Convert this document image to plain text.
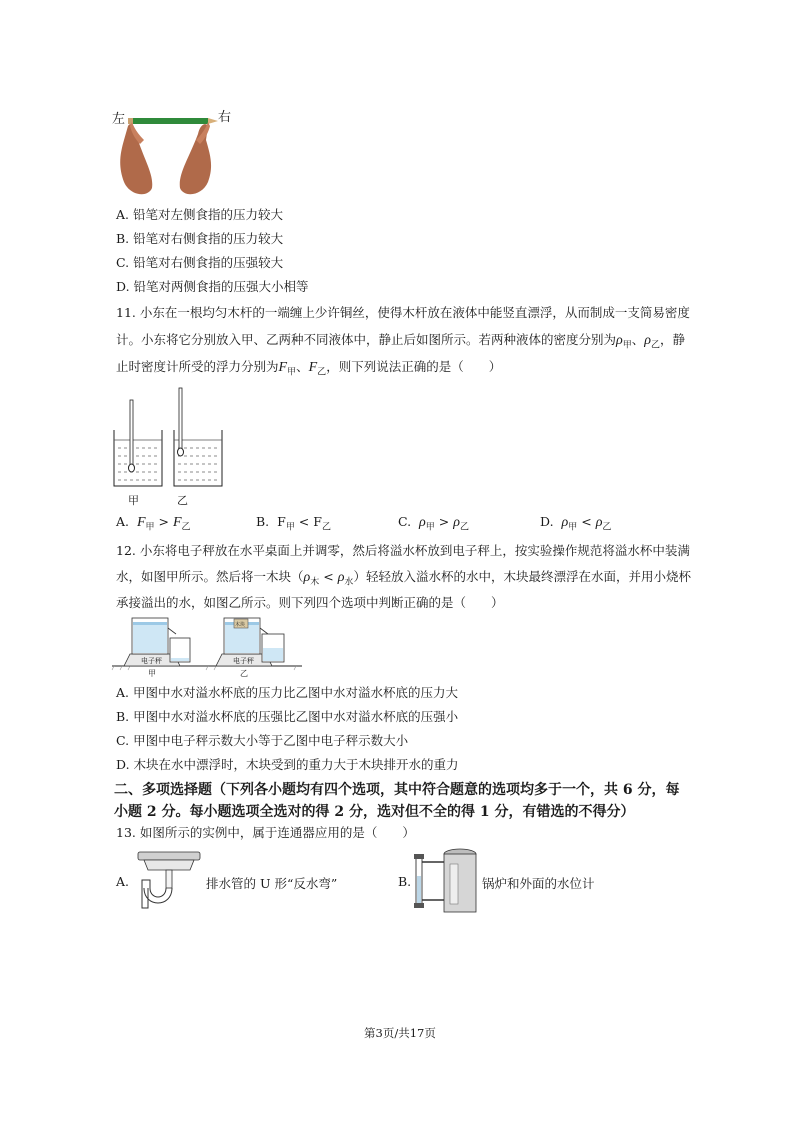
左	右
A. 铅笔对左侧食指的压力较大
B. 铅笔对右侧食指的压力较大
C. 铅笔对右侧食指的压强较大
D. 铅笔对两侧食指的压强大小相等
11. 小东在一根均匀木杆的一端缠上少许铜丝，使得木杆放在液体中能竖直漂浮，从而制成一支简易密度
计。小东将它分别放入甲、乙两种不同液体中，静止后如图所示。若两种液体的密度分别为$\rho_甲$、$\rho_乙$，静
止时密度计所受的浮力分别为$F_甲$、$F_乙$，则下列说法正确的是（　　）
甲	乙
A. $F_甲 > F_乙$	B. $F_甲 < F_乙$	C. $\rho_甲 > \rho_乙$	D. $\rho_甲 < \rho_乙$
12. 小东将电子秤放在水平桌面上并调零，然后将溢水杯放到电子秤上，按实验操作规范将溢水杯中装满
水，如图甲所示。然后将一木块$(\rho_木 < \rho_水)$轻轻放入溢水杯的水中，木块最终漂浮在水面，并用小烧杯
承接溢出的水，如图乙所示。则下列四个选项中判断正确的是（　　）
电子秤	电子秤
木块
甲	乙
A. 甲图中水对溢水杯底的压力比乙图中水对溢水杯底的压力大
B. 甲图中水对溢水杯底的压强比乙图中水对溢水杯底的压强小
C. 甲图中电子秤示数大小等于乙图中电子秤示数大小
D. 木块在水中漂浮时，木块受到的重力大于木块排开水的重力
二、多项选择题（下列各小题均有四个选项，其中符合题意的选项均多于一个，共 6 分，每
小题 2 分。每小题选项全选对的得 2 分，选对但不全的得 1 分，有错选的不得分）
13. 如图所示的实例中，属于连通器应用的是（　　）
A.	排水管的 U 形“反水弯”	B.	锅炉和外面的水位计
第3页/共17页
